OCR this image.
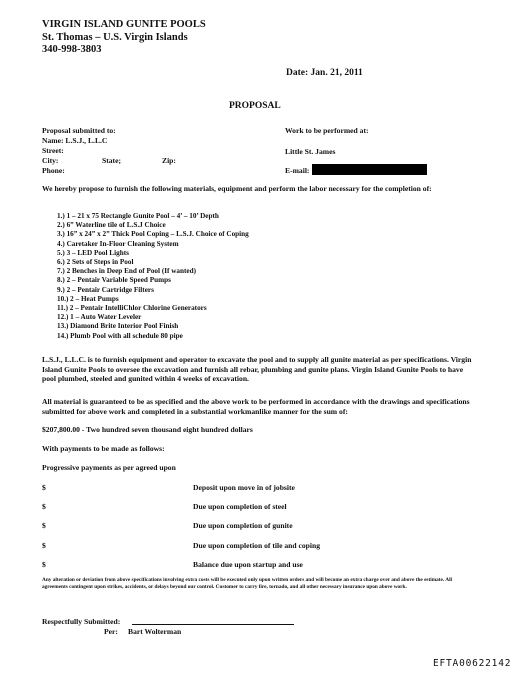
VIRGIN ISLAND GUNITE POOLS
St. Thomas – U.S. Virgin Islands
340-998-3803
Date: Jan. 21, 2011
PROPOSAL
Proposal submitted to:
Name: L.S.J., L.L.C
Street:
City:	State;	Zip:
Phone:
Work to be performed at:
Little St. James
E-mail:
We hereby propose to furnish the following materials, equipment and perform the labor necessary for the completion of:
1.) 1 – 21 x 75 Rectangle Gunite Pool – 4’ – 10’ Depth
2.) 6” Waterline tile of L.S.J Choice
3.) 16” x 24” x 2” Thick Pool Coping – L.S.J. Choice of Coping
4.) Caretaker In-Floor Cleaning System
5.) 3 – LED Pool Lights
6.) 2 Sets of Steps in Pool
7.) 2 Benches in Deep End of Pool (If wanted)
8.) 2 – Pentair Variable Speed Pumps
9.) 2 – Pentair Cartridge Filters
10.) 2 – Heat Pumps
11.) 2 – Pentair IntelliChlor Chlorine Generators
12.) 1 – Auto Water Leveler
13.) Diamond Brite Interior Pool Finish
14.) Plumb Pool with all schedule 80 pipe
L.S.J., L.L.C. is to furnish equipment and operator to excavate the pool and to supply all gunite material as per specifications. Virgin Island Gunite Pools to oversee the excavation and furnish all rebar, plumbing and gunite plans. Virgin Island Gunite Pools to have pool plumbed, steeled and gunited within 4 weeks of excavation.
All material is guaranteed to be as specified and the above work to be performed in accordance with the drawings and specifications submitted for above work and completed in a substantial workmanlike manner for the sum of:
$207,800.00 - Two hundred seven thousand eight hundred dollars
With payments to be made as follows:
Progressive payments as per agreed upon
$	Deposit upon move in of jobsite
$	Due upon completion of steel
$	Due upon completion of gunite
$	Due upon completion of tile and coping
$	Balance due upon startup and use
Any alteration or deviation from above specifications involving extra costs will be executed only upon written orders and will become an extra charge over and above the estimate. All agreements contingent upon strikes, accidents, or delays beyond our control. Customer to carry fire, tornado, and all other necessary insurance upon above work.
Respectfully Submitted:
Per: Bart Wolterman
EFTA00622142
